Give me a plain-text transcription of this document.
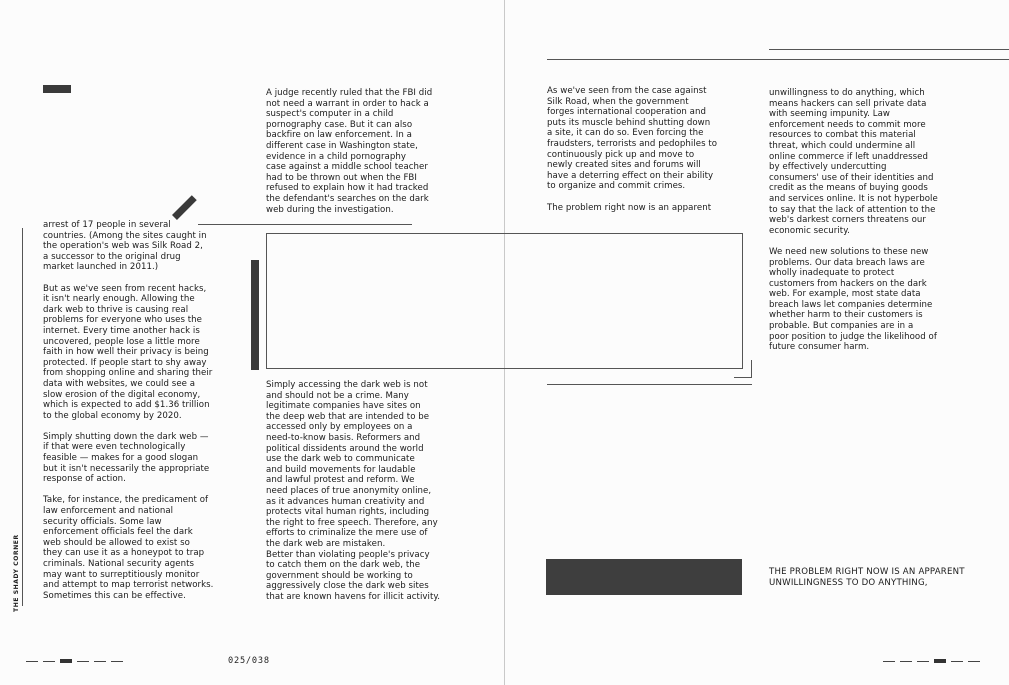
arrest of 17 people in several
countries. (Among the sites caught in
the operation's web was Silk Road 2,
a successor to the original drug
market launched in 2011.)

But as we've seen from recent hacks,
it isn't nearly enough. Allowing the
dark web to thrive is causing real
problems for everyone who uses the
internet. Every time another hack is
uncovered, people lose a little more
faith in how well their privacy is being
protected. If people start to shy away
from shopping online and sharing their
data with websites, we could see a
slow erosion of the digital economy,
which is expected to add $1.36 trillion
to the global economy by 2020.

Simply shutting down the dark web —
if that were even technologically
feasible — makes for a good slogan
but it isn't necessarily the appropriate
response of action.

Take, for instance, the predicament of
law enforcement and national
security officials. Some law
enforcement officials feel the dark
web should be allowed to exist so
they can use it as a honeypot to trap
criminals. National security agents
may want to surreptitiously monitor
and attempt to map terrorist networks.
Sometimes this can be effective.

A judge recently ruled that the FBI did
not need a warrant in order to hack a
suspect's computer in a child
pornography case. But it can also
backfire on law enforcement. In a
different case in Washington state,
evidence in a child pornography
case against a middle school teacher
had to be thrown out when the FBI
refused to explain how it had tracked
the defendant's searches on the dark
web during the investigation.

Simply accessing the dark web is not
and should not be a crime. Many
legitimate companies have sites on
the deep web that are intended to be
accessed only by employees on a
need-to-know basis. Reformers and
political dissidents around the world
use the dark web to communicate
and build movements for laudable
and lawful protest and reform. We
need places of true anonymity online,
as it advances human creativity and
protects vital human rights, including
the right to free speech. Therefore, any
efforts to criminalize the mere use of
the dark web are mistaken.
Better than violating people's privacy
to catch them on the dark web, the
government should be working to
aggressively close the dark web sites
that are known havens for illicit activity.

THE SHADY CORNER
025/038

As we've seen from the case against
Silk Road, when the government
forges international cooperation and
puts its muscle behind shutting down
a site, it can do so. Even forcing the
fraudsters, terrorists and pedophiles to
continuously pick up and move to
newly created sites and forums will
have a deterring effect on their ability
to organize and commit crimes.

The problem right now is an apparent

unwillingness to do anything, which
means hackers can sell private data
with seeming impunity. Law
enforcement needs to commit more
resources to combat this material
threat, which could undermine all
online commerce if left unaddressed
by effectively undercutting
consumers' use of their identities and
credit as the means of buying goods
and services online. It is not hyperbole
to say that the lack of attention to the
web's darkest corners threatens our
economic security.

We need new solutions to these new
problems. Our data breach laws are
wholly inadequate to protect
customers from hackers on the dark
web. For example, most state data
breach laws let companies determine
whether harm to their customers is
probable. But companies are in a
poor position to judge the likelihood of
future consumer harm.

THE PROBLEM RIGHT NOW IS AN APPARENT
UNWILLINGNESS TO DO ANYTHING,
